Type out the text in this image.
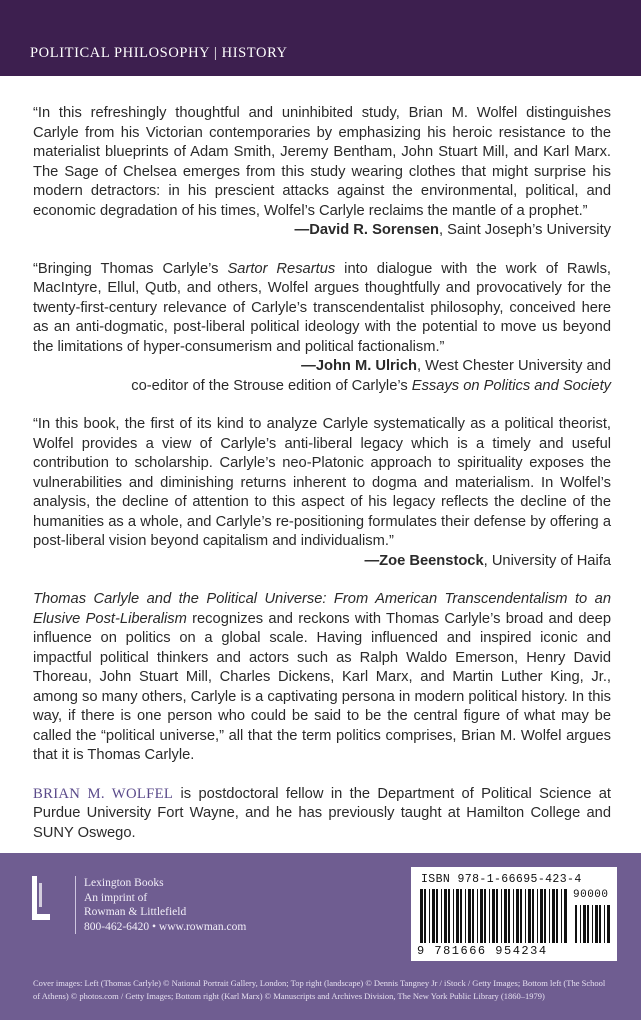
POLITICAL PHILOSOPHY | HISTORY

“In this refreshingly thoughtful and uninhibited study, Brian M. Wolfel distinguishes Carlyle from his Victorian contemporaries by emphasizing his heroic resistance to the materialist blueprints of Adam Smith, Jeremy Bentham, John Stuart Mill, and Karl Marx. The Sage of Chelsea emerges from this study wearing clothes that might surprise his modern detractors: in his prescient attacks against the environmental, political, and economic degradation of his times, Wolfel’s Carlyle reclaims the mantle of a prophet.”

—David R. Sorensen, Saint Joseph’s University

“Bringing Thomas Carlyle’s Sartor Resartus into dialogue with the work of Rawls, MacIntyre, Ellul, Qutb, and others, Wolfel argues thoughtfully and provocatively for the twenty-first-century relevance of Carlyle’s transcendentalist philosophy, conceived here as an anti-dogmatic, post-liberal political ideology with the potential to move us beyond the limitations of hyper-consumerism and political factionalism.”

—John M. Ulrich, West Chester University and

co-editor of the Strouse edition of Carlyle’s Essays on Politics and Society

“In this book, the first of its kind to analyze Carlyle systematically as a political theorist, Wolfel provides a view of Carlyle’s anti-liberal legacy which is a timely and useful contribution to scholarship. Carlyle’s neo-Platonic approach to spirituality exposes the vulnerabilities and diminishing returns inherent to dogma and materialism. In Wolfel’s analysis, the decline of attention to this aspect of his legacy reflects the decline of the humanities as a whole, and Carlyle’s re-positioning formulates their defense by offering a post-liberal vision beyond capitalism and individualism.”

—Zoe Beenstock, University of Haifa

Thomas Carlyle and the Political Universe: From American Transcendentalism to an Elusive Post-Liberalism recognizes and reckons with Thomas Carlyle’s broad and deep influence on politics on a global scale. Having influenced and inspired iconic and impactful political thinkers and actors such as Ralph Waldo Emerson, Henry David Thoreau, John Stuart Mill, Charles Dickens, Karl Marx, and Martin Luther King, Jr., among so many others, Carlyle is a captivating persona in modern political history. In this way, if there is one person who could be said to be the central figure of what may be called the “political universe,” all that the term politics comprises, Brian M. Wolfel argues that it is Thomas Carlyle.

BRIAN M. WOLFEL is postdoctoral fellow in the Department of Political Science at Purdue University Fort Wayne, and he has previously taught at Hamilton College and SUNY Oswego.

Lexington Books
An imprint of
Rowman & Littlefield
800-462-6420 • www.rowman.com
ISBN 978-1-66695-423-4
90000
9 781666 954234
Cover images: Left (Thomas Carlyle) © National Portrait Gallery, London; Top right (landscape) © Dennis Tangney Jr / iStock / Getty Images; Bottom left (The School of Athens) © photos.com / Getty Images; Bottom right (Karl Marx) © Manuscripts and Archives Division, The New York Public Library (1860–1979)
